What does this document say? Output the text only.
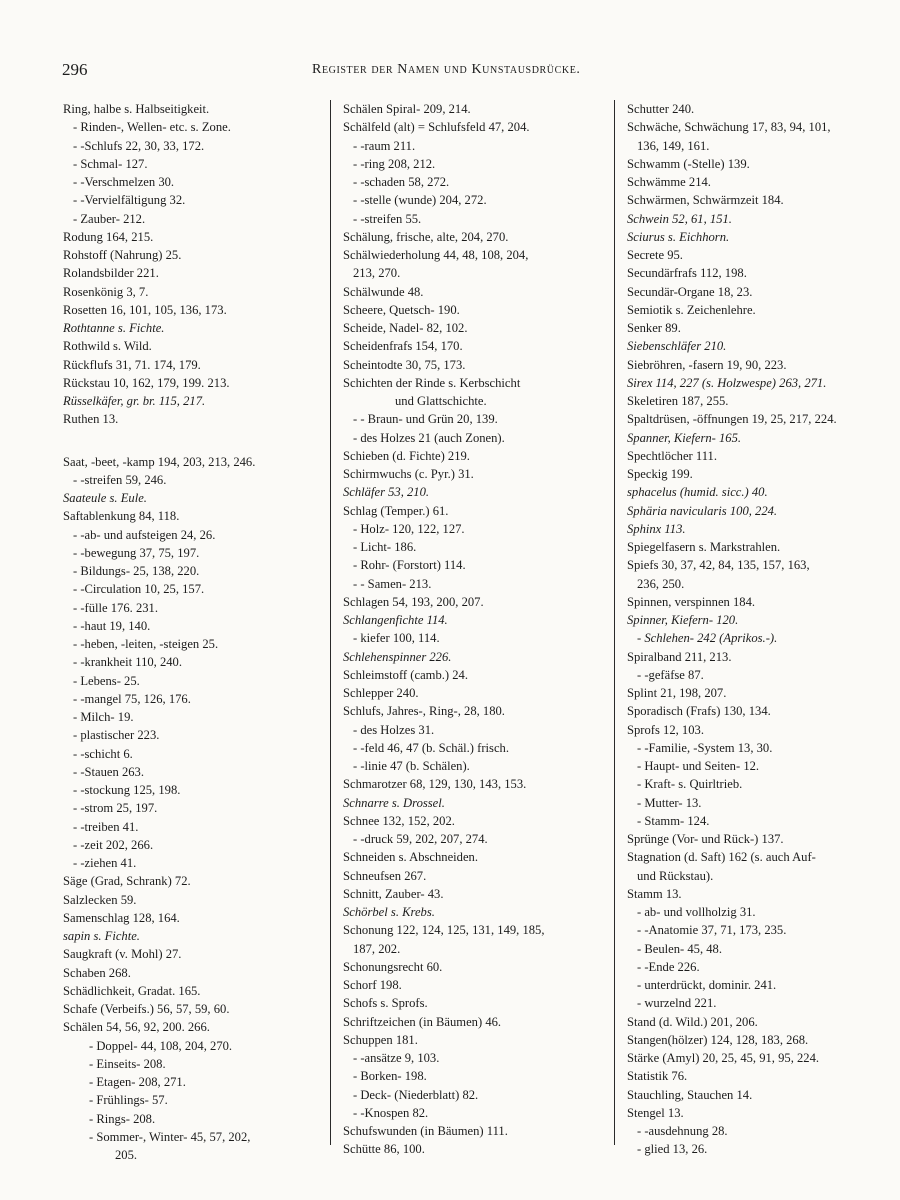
296	Register der Namen und Kunstausdrücke.
Ring, halbe s. Halbseitigkeit.
- Rinden-, Wellen- etc. s. Zone.
- -Schlufs 22, 30, 33, 172.
- Schmal- 127.
- -Verschmelzen 30.
- -Vervielfältigung 32.
- Zauber- 212.
Rodung 164, 215.
Rohstoff (Nahrung) 25.
Rolandsbilder 221.
Rosenkönig 3, 7.
Rosetten 16, 101, 105, 136, 173.
Rothtanne s. Fichte.
Rothwild s. Wild.
Rückflufs 31, 71. 174, 179.
Rückstau 10, 162, 179, 199. 213.
Rüsselkäfer, gr. br. 115, 217.
Ruthen 13.
Saat, -beet, -kamp 194, 203, 213, 246.
- -streifen 59, 246.
Saateule s. Eule.
Saftablenkung 84, 118.
- -ab- und aufsteigen 24, 26.
- -bewegung 37, 75, 197.
- Bildungs- 25, 138, 220.
- -Circulation 10, 25, 157.
- -fülle 176. 231.
- -haut 19, 140.
- -heben, -leiten, -steigen 25.
- -krankheit 110, 240.
- Lebens- 25.
- -mangel 75, 126, 176.
- Milch- 19.
- plastischer 223.
- -schicht 6.
- -Stauen 263.
- -stockung 125, 198.
- -strom 25, 197.
- -treiben 41.
- -zeit 202, 266.
- -ziehen 41.
Säge (Grad, Schrank) 72.
Salzlecken 59.
Samenschlag 128, 164.
sapin s. Fichte.
Saugkraft (v. Mohl) 27.
Schaben 268.
Schädlichkeit, Gradat. 165.
Schafe (Verbeifs.) 56, 57, 59, 60.
Schälen 54, 56, 92, 200. 266.
- Doppel- 44, 108, 204, 270.
- Einseits- 208.
- Etagen- 208, 271.
- Frühlings- 57.
- Rings- 208.
- Sommer-, Winter- 45, 57, 202,
205.
Schälen Spiral- 209, 214.
Schälfeld (alt) = Schlufsfeld 47, 204.
- -raum 211.
- -ring 208, 212.
- -schaden 58, 272.
- -stelle (wunde) 204, 272.
- -streifen 55.
Schälung, frische, alte, 204, 270.
Schälwiederholung 44, 48, 108, 204,
213, 270.
Schälwunde 48.
Scheere, Quetsch- 190.
Scheide, Nadel- 82, 102.
Scheidenfrafs 154, 170.
Scheintodte 30, 75, 173.
Schichten der Rinde s. Kerbschicht
und Glattschichte.
- - Braun- und Grün 20, 139.
- des Holzes 21 (auch Zonen).
Schieben (d. Fichte) 219.
Schirmwuchs (c. Pyr.) 31.
Schläfer 53, 210.
Schlag (Temper.) 61.
- Holz- 120, 122, 127.
- Licht- 186.
- Rohr- (Forstort) 114.
- - Samen- 213.
Schlagen 54, 193, 200, 207.
Schlangenfichte 114.
- kiefer 100, 114.
Schlehenspinner 226.
Schleimstoff (camb.) 24.
Schlepper 240.
Schlufs, Jahres-, Ring-, 28, 180.
- des Holzes 31.
- -feld 46, 47 (b. Schäl.) frisch.
- -linie 47 (b. Schälen).
Schmarotzer 68, 129, 130, 143, 153.
Schnarre s. Drossel.
Schnee 132, 152, 202.
- -druck 59, 202, 207, 274.
Schneiden s. Abschneiden.
Schneufsen 267.
Schnitt, Zauber- 43.
Schörbel s. Krebs.
Schonung 122, 124, 125, 131, 149, 185,
187, 202.
Schonungsrecht 60.
Schorf 198.
Schofs s. Sprofs.
Schriftzeichen (in Bäumen) 46.
Schuppen 181.
- -ansätze 9, 103.
- Borken- 198.
- Deck- (Niederblatt) 82.
- -Knospen 82.
Schufswunden (in Bäumen) 111.
Schütte 86, 100.
Schutter 240.
Schwäche, Schwächung 17, 83, 94, 101,
136, 149, 161.
Schwamm (-Stelle) 139.
Schwämme 214.
Schwärmen, Schwärmzeit 184.
Schwein 52, 61, 151.
Sciurus s. Eichhorn.
Secrete 95.
Secundärfrafs 112, 198.
Secundär-Organe 18, 23.
Semiotik s. Zeichenlehre.
Senker 89.
Siebenschläfer 210.
Siebröhren, -fasern 19, 90, 223.
Sirex 114, 227 (s. Holzwespe) 263, 271.
Skeletiren 187, 255.
Spaltdrüsen, -öffnungen 19, 25, 217, 224.
Spanner, Kiefern- 165.
Spechtlöcher 111.
Speckig 199.
sphacelus (humid. sicc.) 40.
Sphäria navicularis 100, 224.
Sphinx 113.
Spiegelfasern s. Markstrahlen.
Spiefs 30, 37, 42, 84, 135, 157, 163,
236, 250.
Spinnen, verspinnen 184.
Spinner, Kiefern- 120.
- Schlehen- 242 (Aprikos.-).
Spiralband 211, 213.
- -gefäfse 87.
Splint 21, 198, 207.
Sporadisch (Frafs) 130, 134.
Sprofs 12, 103.
- -Familie, -System 13, 30.
- Haupt- und Seiten- 12.
- Kraft- s. Quirltrieb.
- Mutter- 13.
- Stamm- 124.
Sprünge (Vor- und Rück-) 137.
Stagnation (d. Saft) 162 (s. auch Auf-
und Rückstau).
Stamm 13.
- ab- und vollholzig 31.
- -Anatomie 37, 71, 173, 235.
- Beulen- 45, 48.
- -Ende 226.
- unterdrückt, dominir. 241.
- wurzelnd 221.
Stand (d. Wild.) 201, 206.
Stangen(hölzer) 124, 128, 183, 268.
Stärke (Amyl) 20, 25, 45, 91, 95, 224.
Statistik 76.
Stauchling, Stauchen 14.
Stengel 13.
- -ausdehnung 28.
- glied 13, 26.
